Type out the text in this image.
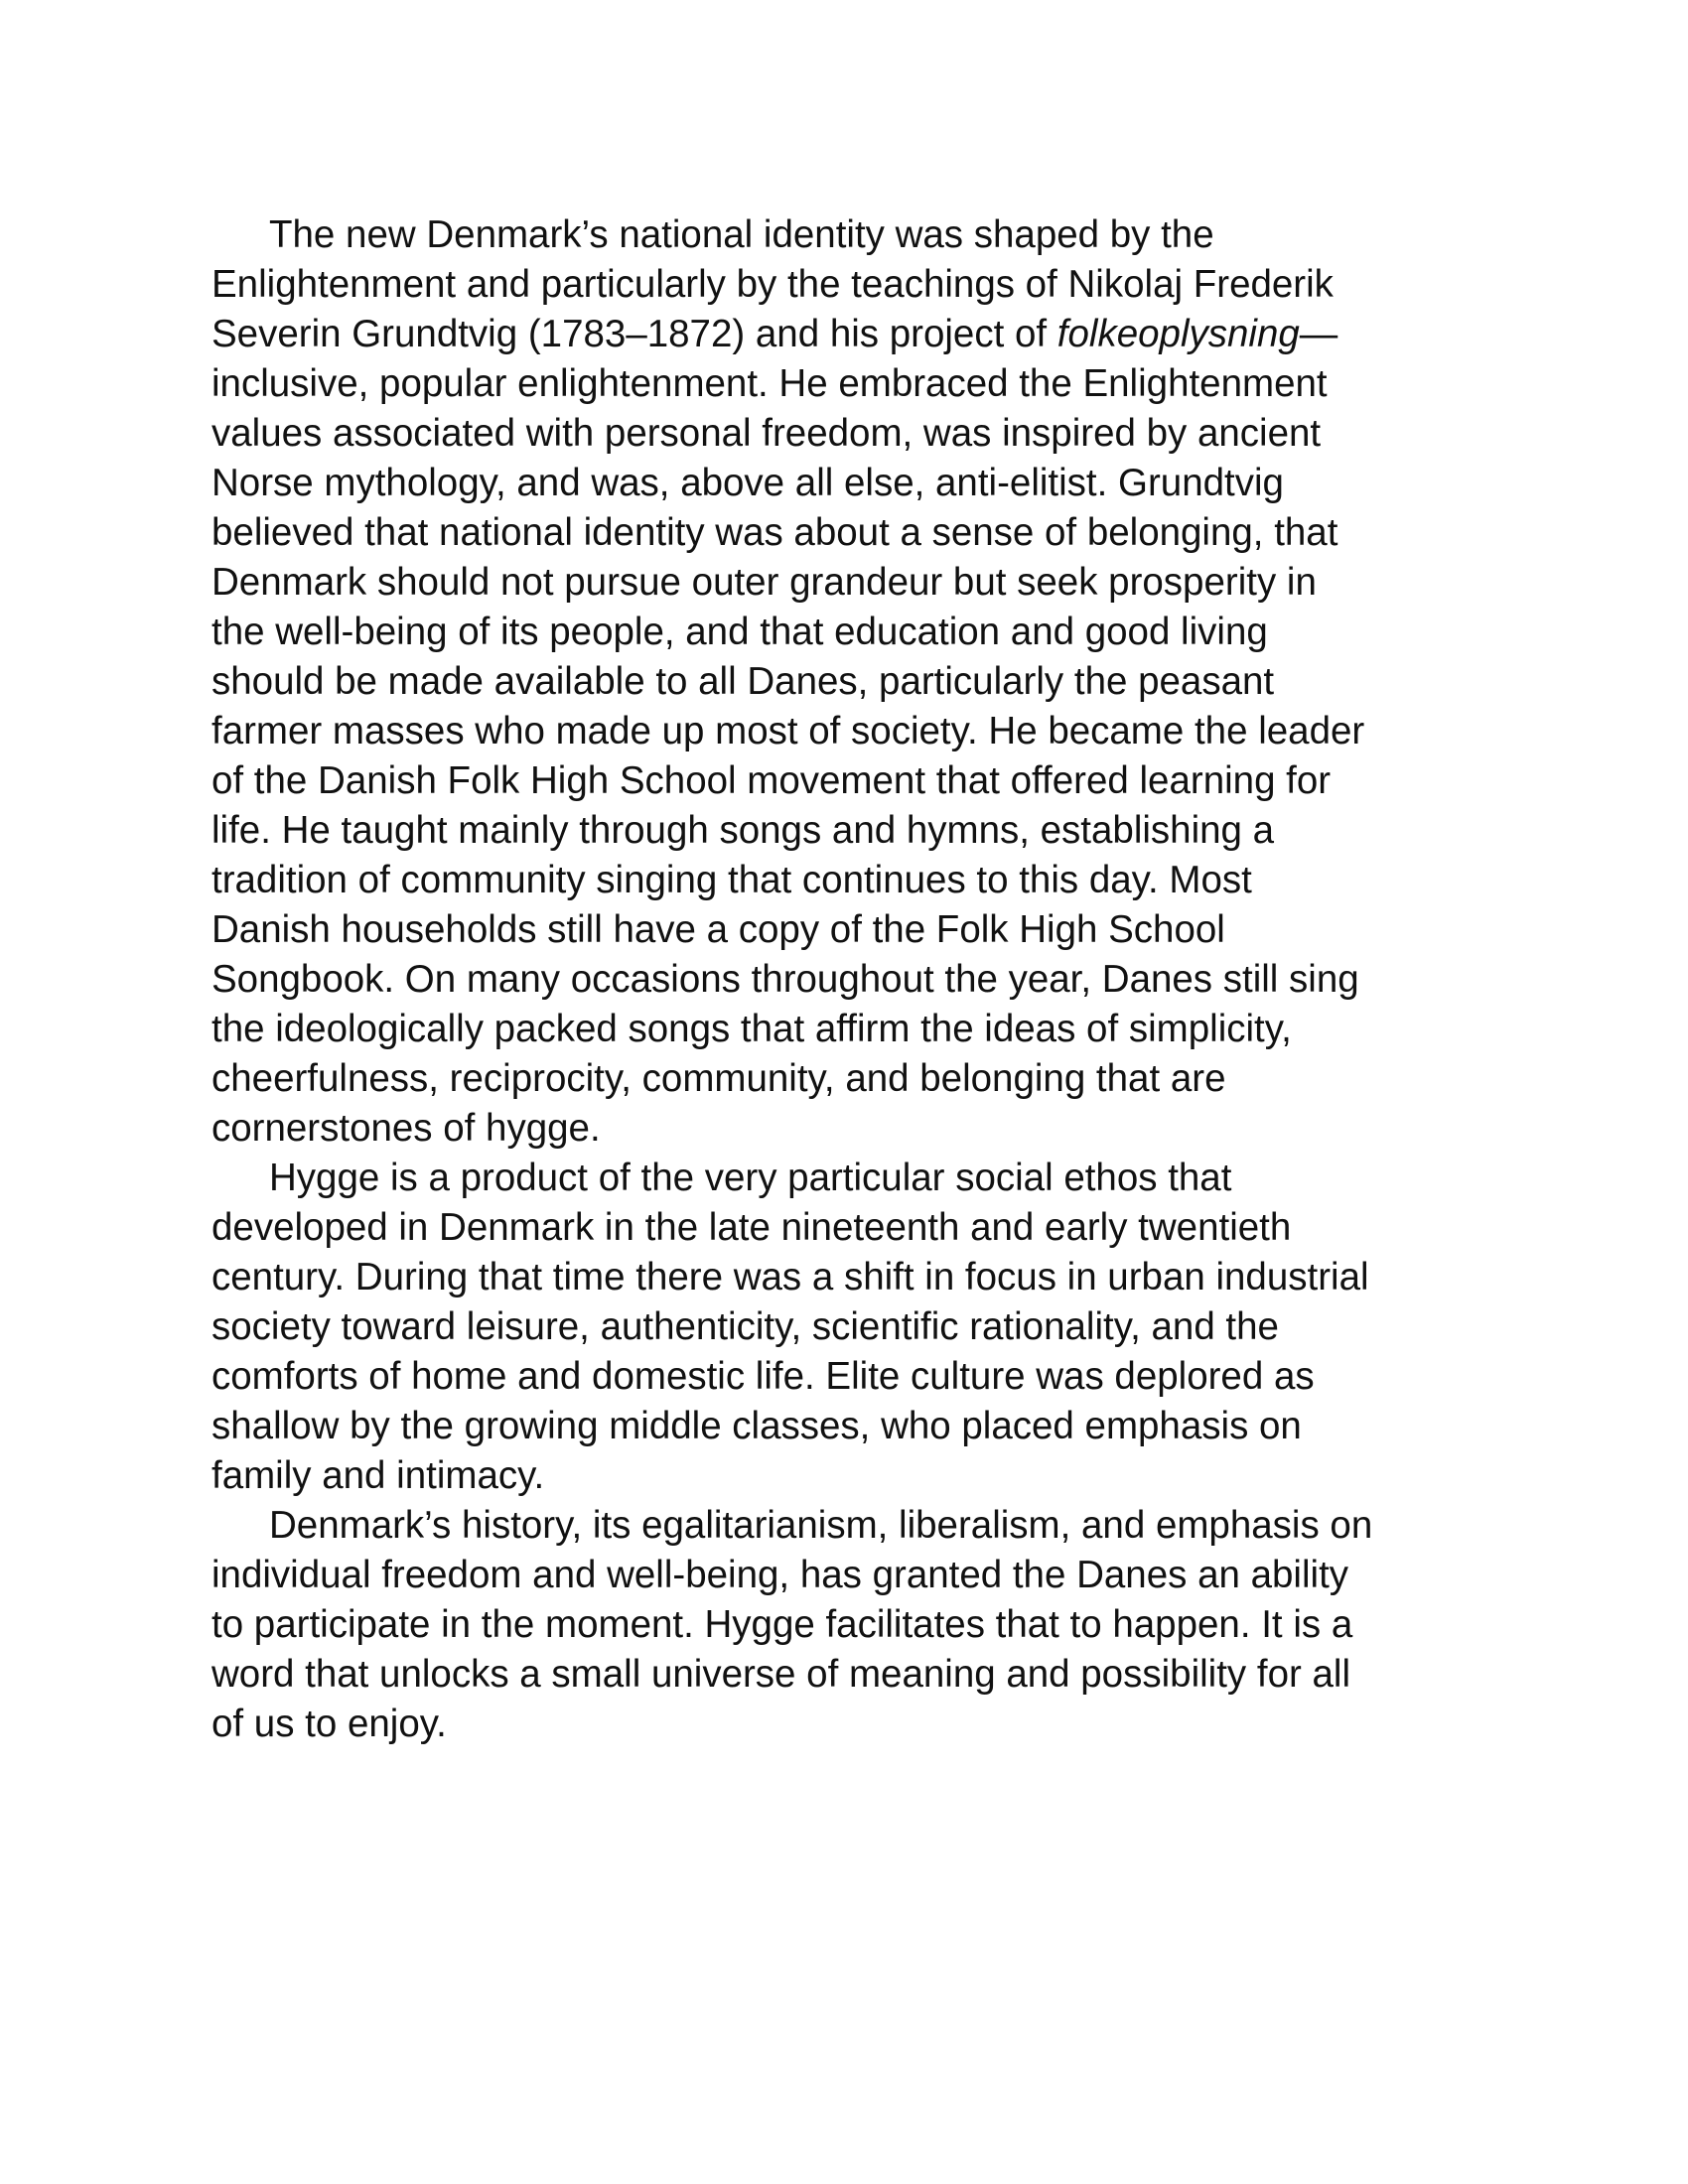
The new Denmark’s national identity was shaped by the
Enlightenment and particularly by the teachings of Nikolaj Frederik
Severin Grundtvig (1783–1872) and his project of folkeoplysning—
inclusive, popular enlightenment. He embraced the Enlightenment
values associated with personal freedom, was inspired by ancient
Norse mythology, and was, above all else, anti-elitist. Grundtvig
believed that national identity was about a sense of belonging, that
Denmark should not pursue outer grandeur but seek prosperity in
the well-being of its people, and that education and good living
should be made available to all Danes, particularly the peasant
farmer masses who made up most of society. He became the leader
of the Danish Folk High School movement that offered learning for
life. He taught mainly through songs and hymns, establishing a
tradition of community singing that continues to this day. Most
Danish households still have a copy of the Folk High School
Songbook. On many occasions throughout the year, Danes still sing
the ideologically packed songs that affirm the ideas of simplicity,
cheerfulness, reciprocity, community, and belonging that are
cornerstones of hygge.

Hygge is a product of the very particular social ethos that
developed in Denmark in the late nineteenth and early twentieth
century. During that time there was a shift in focus in urban industrial
society toward leisure, authenticity, scientific rationality, and the
comforts of home and domestic life. Elite culture was deplored as
shallow by the growing middle classes, who placed emphasis on
family and intimacy.

Denmark’s history, its egalitarianism, liberalism, and emphasis on
individual freedom and well-being, has granted the Danes an ability
to participate in the moment. Hygge facilitates that to happen. It is a
word that unlocks a small universe of meaning and possibility for all
of us to enjoy.
